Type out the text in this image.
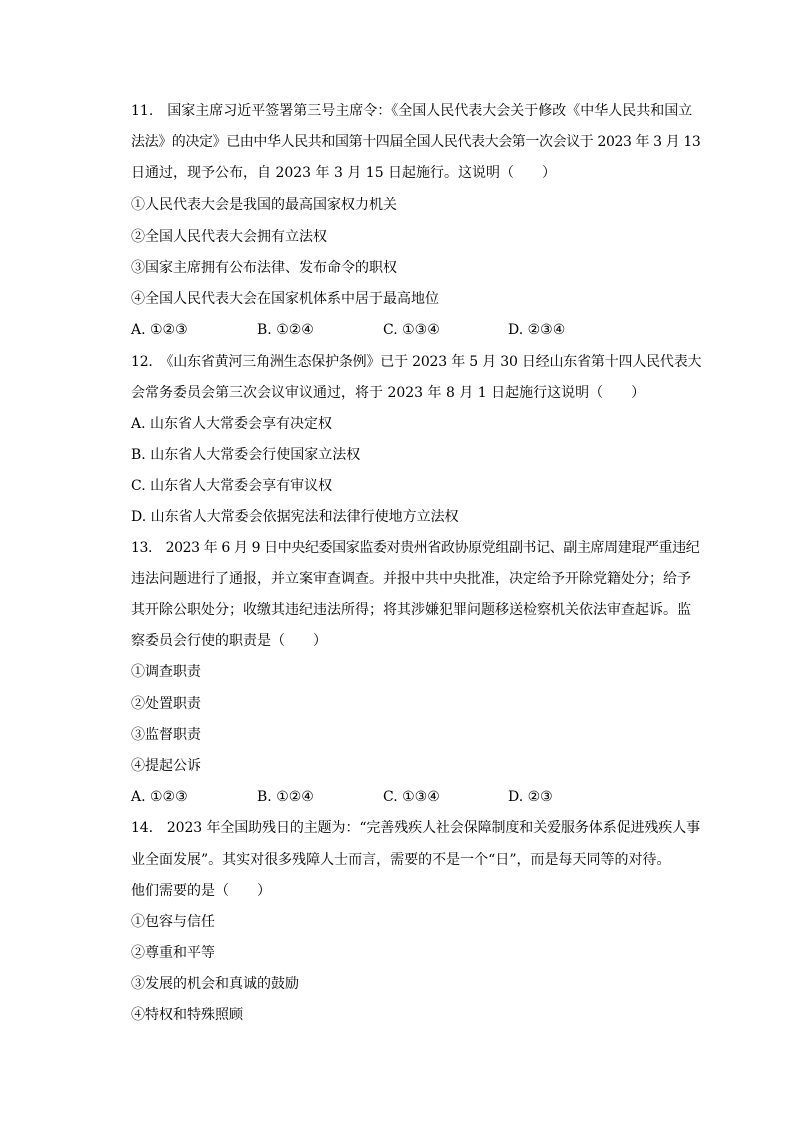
11.　国家主席习近平签署第三号主席令：《全国人民代表大会关于修改《中华人民共和国立
法法》的决定》已由中华人民共和国第十四届全国人民代表大会第一次会议于 2023 年 3 月 13
日通过，现予公布，自 2023 年 3 月 15 日起施行。这说明（　　）
①人民代表大会是我国的最高国家权力机关
②全国人民代表大会拥有立法权
③国家主席拥有公布法律、发布命令的职权
④全国人民代表大会在国家机体系中居于最高地位
A. ①②③	B. ①②④	C. ①③④	D. ②③④
12.　《山东省黄河三角洲生态保护条例》已于 2023 年 5 月 30 日经山东省第十四人民代表大
会常务委员会第三次会议审议通过，将于 2023 年 8 月 1 日起施行这说明（　　）
A. 山东省人大常委会享有决定权
B. 山东省人大常委会行使国家立法权
C. 山东省人大常委会享有审议权
D. 山东省人大常委会依据宪法和法律行使地方立法权
13.　2023 年 6 月 9 日中央纪委国家监委对贵州省政协原党组副书记、副主席周建琨严重违纪
违法问题进行了通报，并立案审查调查。并报中共中央批准，决定给予开除党籍处分；给予
其开除公职处分；收缴其违纪违法所得；将其涉嫌犯罪问题移送检察机关依法审查起诉。监
察委员会行使的职责是（　　）
①调查职责
②处置职责
③监督职责
④提起公诉
A. ①②③	B. ①②④	C. ①③④	D. ②③
14.　2023 年全国助残日的主题为：“完善残疾人社会保障制度和关爱服务体系促进残疾人事
业全面发展”。其实对很多残障人士而言，需要的不是一个“日”，而是每天同等的对待。
他们需要的是（　　）
①包容与信任
②尊重和平等
③发展的机会和真诚的鼓励
④特权和特殊照顾
